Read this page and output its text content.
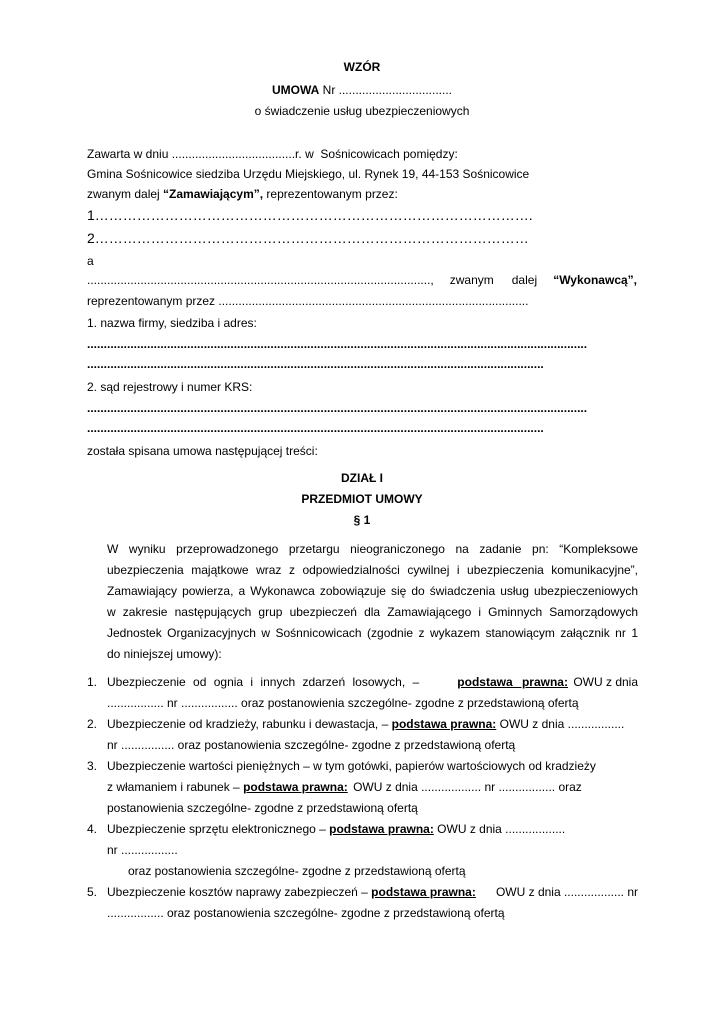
WZÓR
UMOWA Nr ..................................
o świadczenie usług ubezpieczeniowych
Zawarta w dniu .....................................r. w  Sośnicowicach pomiędzy:
Gmina Sośnicowice siedziba Urzędu Miejskiego, ul. Rynek 19, 44-153 Sośnicowice
zwanym dalej “Zamawiającym”, reprezentowanym przez:
1………………………………………………………………………………….
2…………………………………………………………………………………
a
......................................................................................................., zwanym dalej “Wykonawcą”,
reprezentowanym przez .............................................................................................
1. nazwa firmy, siedziba i adres:
......................................................................................................................................................
.........................................................................................................................................
2. sąd rejestrowy i numer KRS:
......................................................................................................................................................
.........................................................................................................................................
została spisana umowa następującej treści:
DZIAŁ I
PRZEDMIOT UMOWY
§ 1
W wyniku przeprowadzonego przetargu nieograniczonego na zadanie pn: “Kompleksowe
ubezpieczenia majątkowe wraz z odpowiedzialności cywilnej i ubezpieczenia komunikacyjne”,
Zamawiający powierza, a Wykonawca zobowiązuje się do świadczenia usług ubezpieczeniowych
w zakresie następujących grup ubezpieczeń dla Zamawiającego i Gminnych Samorządowych
Jednostek Organizacyjnych w Sośnnicowicach (zgodnie z wykazem stanowiącym załącznik nr 1
do niniejszej umowy):
1. Ubezpieczenie od ognia i innych zdarzeń losowych, –	podstawa prawna: OWU z dnia
................. nr ................. oraz postanowienia szczególne- zgodne z przedstawioną ofertą
2. Ubezpieczenie od kradzieży, rabunku i dewastacja, – podstawa prawna: OWU z dnia .................
nr ................ oraz postanowienia szczególne- zgodne z przedstawioną ofertą
3. Ubezpieczenie wartości pieniężnych – w tym gotówki, papierów wartościowych od kradzieży
z włamaniem i rabunek – podstawa prawna: OWU z dnia .................. nr ................. oraz
postanowienia szczególne- zgodne z przedstawioną ofertą
4. Ubezpieczenie sprzętu elektronicznego – podstawa prawna: OWU z dnia ..................
nr .................
oraz postanowienia szczególne- zgodne z przedstawioną ofertą
5. Ubezpieczenie kosztów naprawy zabezpieczeń – podstawa prawna: OWU z dnia .................. nr
................. oraz postanowienia szczególne- zgodne z przedstawioną ofertą
